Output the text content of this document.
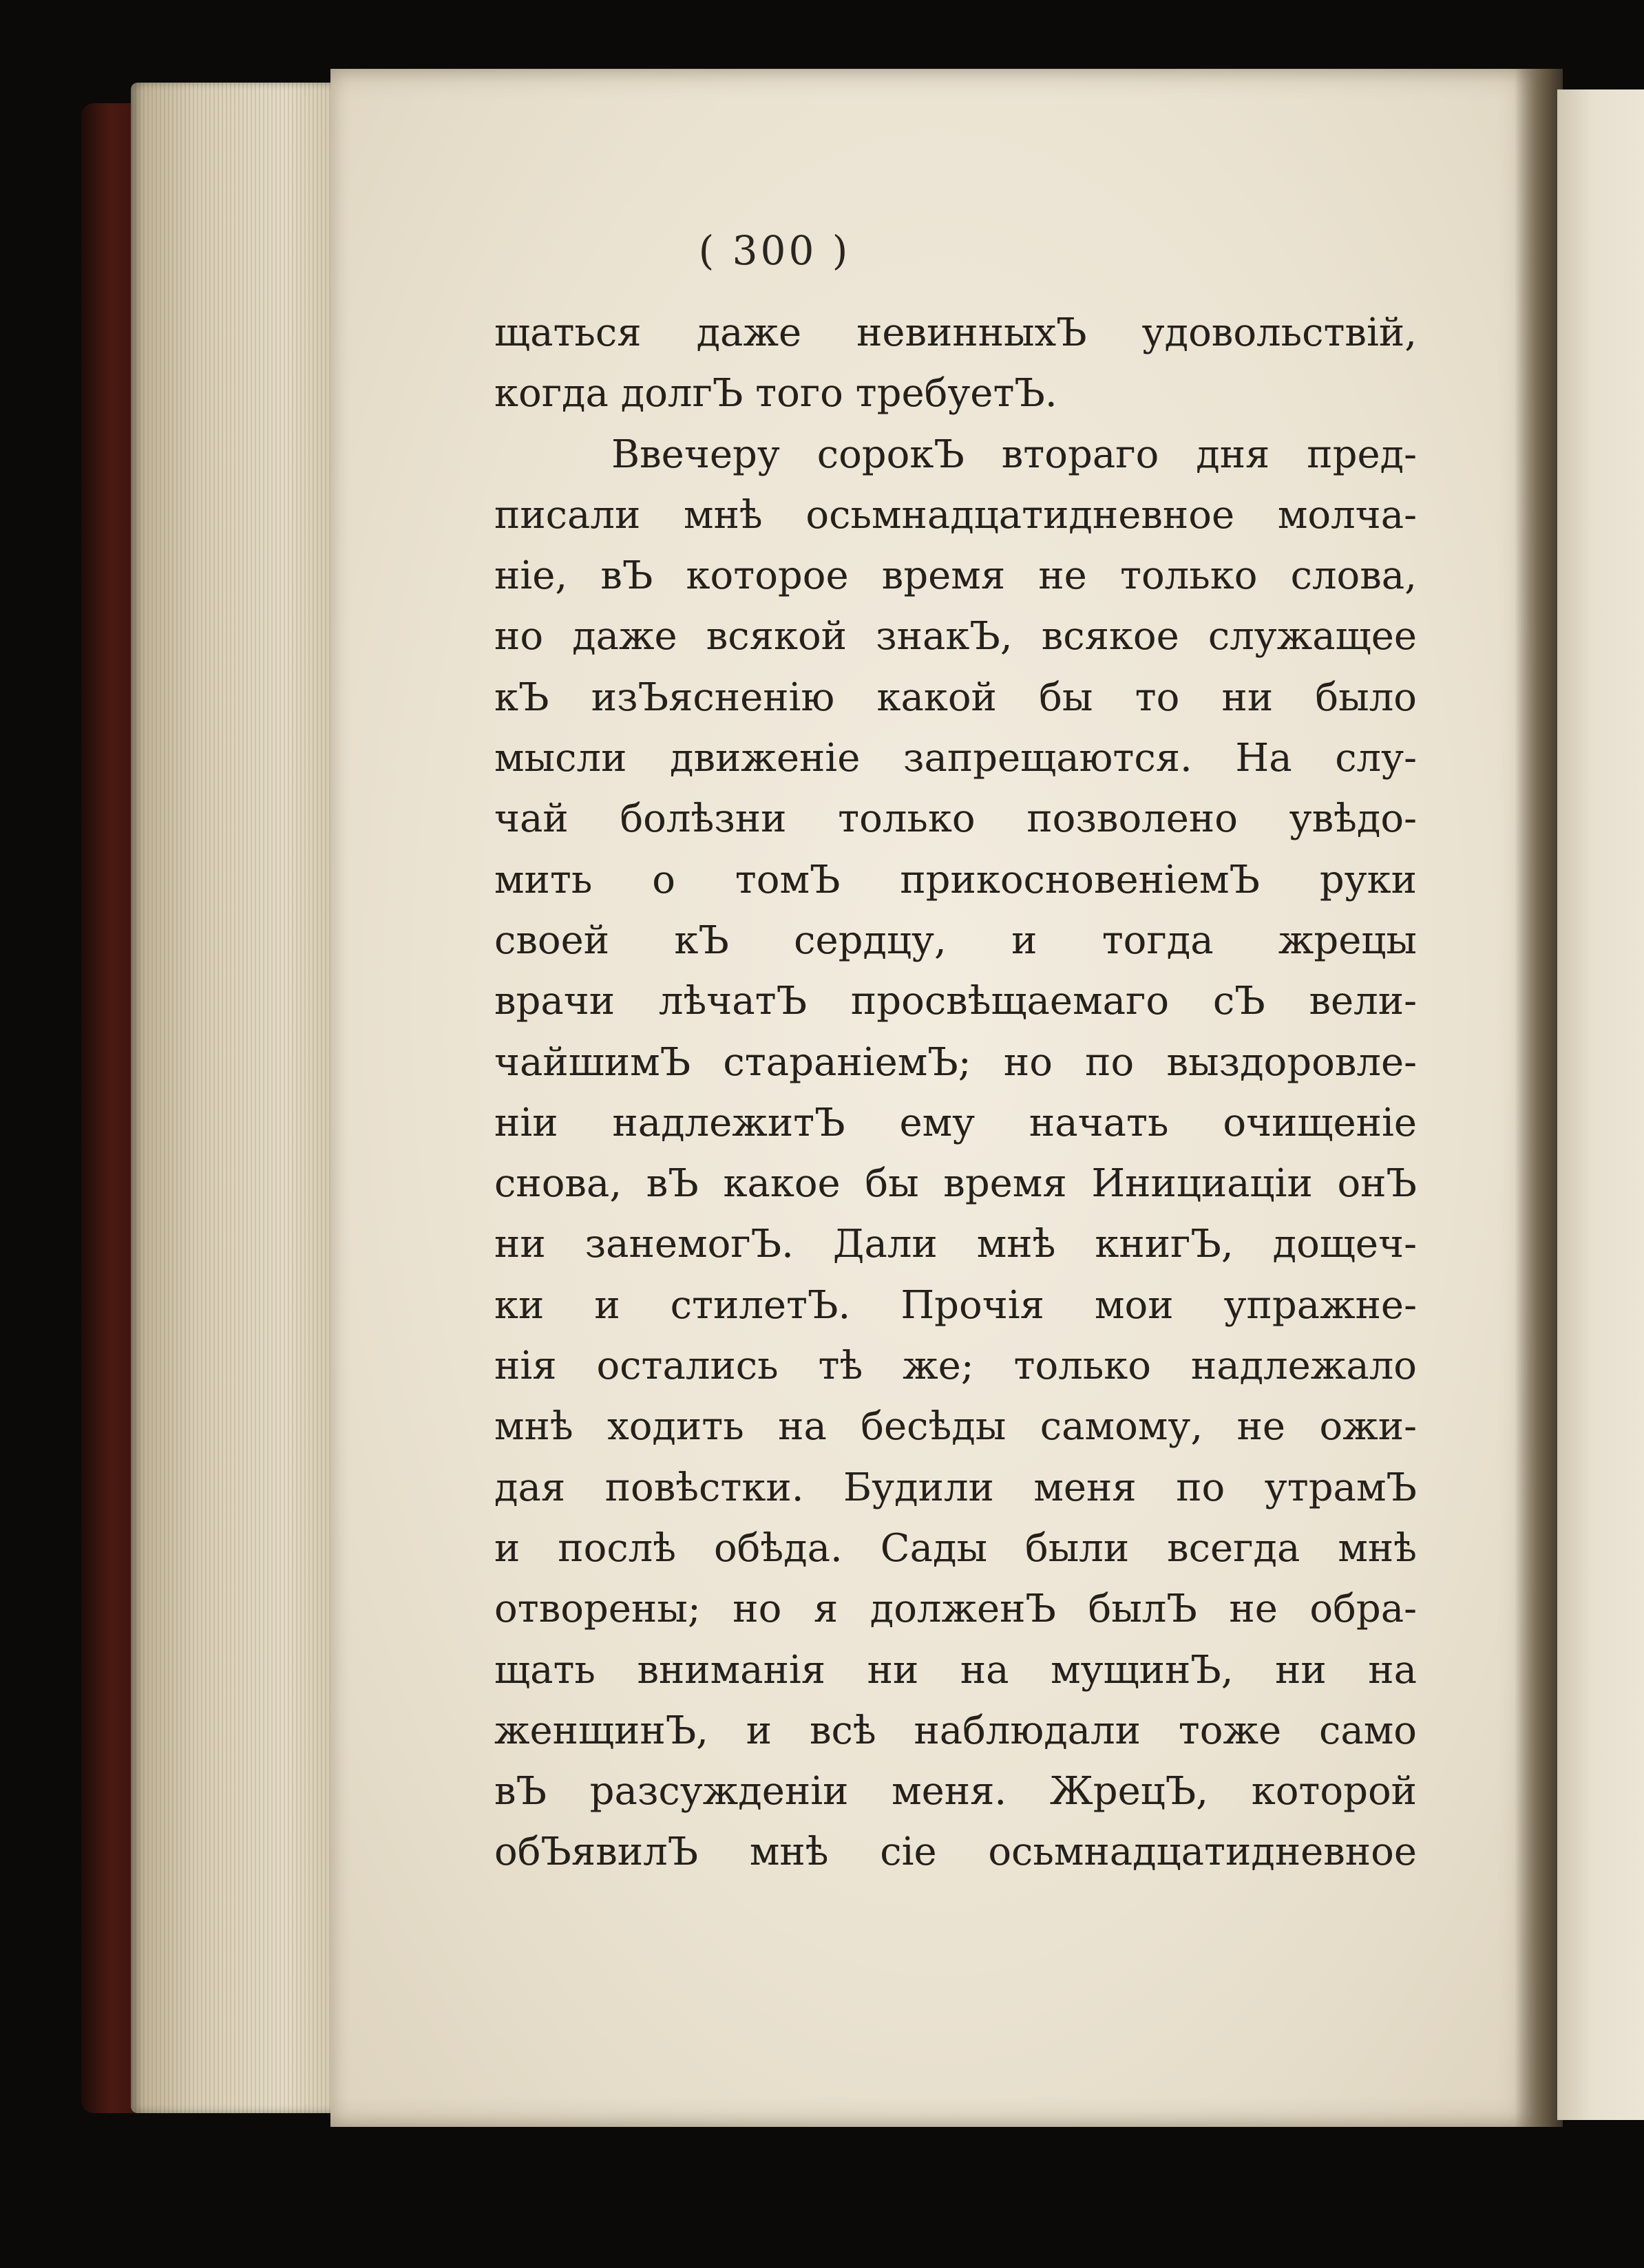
( 300 )
щаться даже невинныхЪ удовольствій,
когда долгЪ того требуетЪ.
Ввечеру сорокЪ втораго дня пред-
писали мнѣ осьмнадцатидневное молча-
ніе, вЪ которое время не только слова,
но даже всякой знакЪ, всякое служащее
кЪ изЪясненію какой бы то ни было
мысли движеніе запрещаются. На слу-
чай болѣзни только позволено увѣдо-
мить о томЪ прикосновеніемЪ руки
своей кЪ сердцу, и тогда жрецы
врачи лѣчатЪ просвѣщаемаго сЪ вели-
чайшимЪ стараніемЪ; но по выздоровле-
ніи надлежитЪ ему начать очищеніе
снова, вЪ какое бы время Инициаціи онЪ
ни занемогЪ. Дали мнѣ книгЪ, дощеч-
ки и стилетЪ. Прочія мои упражне-
нія остались тѣ же; только надлежало
мнѣ ходить на бесѣды самому, не ожи-
дая повѣстки. Будили меня по утрамЪ
и послѣ обѣда. Сады были всегда мнѣ
отворены; но я долженЪ былЪ не обра-
щать вниманія ни на мущинЪ, ни на
женщинЪ, и всѣ наблюдали тоже само
вЪ разсужденіи меня. ЖрецЪ, которой
обЪявилЪ мнѣ сіе осьмнадцатидневное
